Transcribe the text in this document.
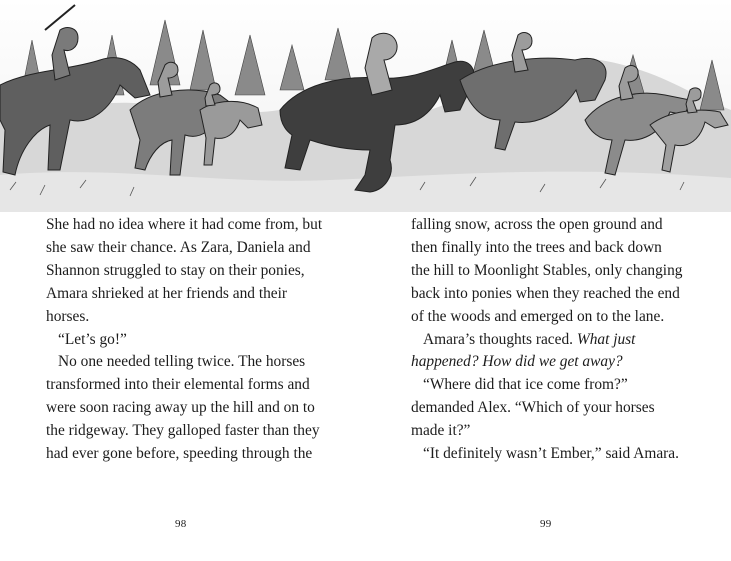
She had no idea where it had come from, but

she saw their chance. As Zara, Daniela and

Shannon struggled to stay on their ponies,

Amara shrieked at her friends and their

horses.

“Let’s go!”

No one needed telling twice. The horses

transformed into their elemental forms and

were soon racing away up the hill and on to

the ridgeway. They galloped faster than they

had ever gone before, speeding through the

falling snow, across the open ground and

then finally into the trees and back down

the hill to Moonlight Stables, only changing

back into ponies when they reached the end

of the woods and emerged on to the lane.

Amara’s thoughts raced. What just

happened? How did we get away?

“Where did that ice come from?”

demanded Alex. “Which of your horses

made it?”

“It definitely wasn’t Ember,” said Amara.

98	99
